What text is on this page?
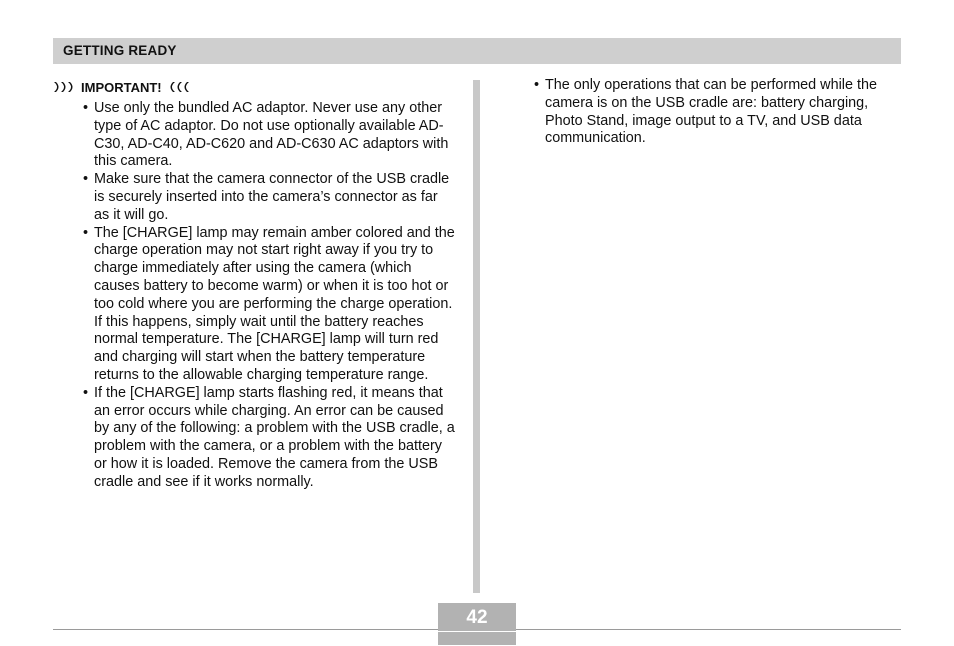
GETTING READY
IMPORTANT!
• Use only the bundled AC adaptor. Never use any other type of AC adaptor. Do not use optionally available AD-C30, AD-C40, AD-C620 and AD-C630 AC adaptors with this camera.
• Make sure that the camera connector of the USB cradle is securely inserted into the camera’s connector as far as it will go.
• The [CHARGE] lamp may remain amber colored and the charge operation may not start right away if you try to charge immediately after using the camera (which causes battery to become warm) or when it is too hot or too cold where you are performing the charge operation. If this happens, simply wait until the battery reaches normal temperature. The [CHARGE] lamp will turn red and charging will start when the battery temperature returns to the allowable charging temperature range.
• If the [CHARGE] lamp starts flashing red, it means that an error occurs while charging. An error can be caused by any of the following: a problem with the USB cradle, a problem with the camera, or a problem with the battery or how it is loaded. Remove the camera from the USB cradle and see if it works normally.
• The only operations that can be performed while the camera is on the USB cradle are: battery charging, Photo Stand, image output to a TV, and USB data communication.
42
